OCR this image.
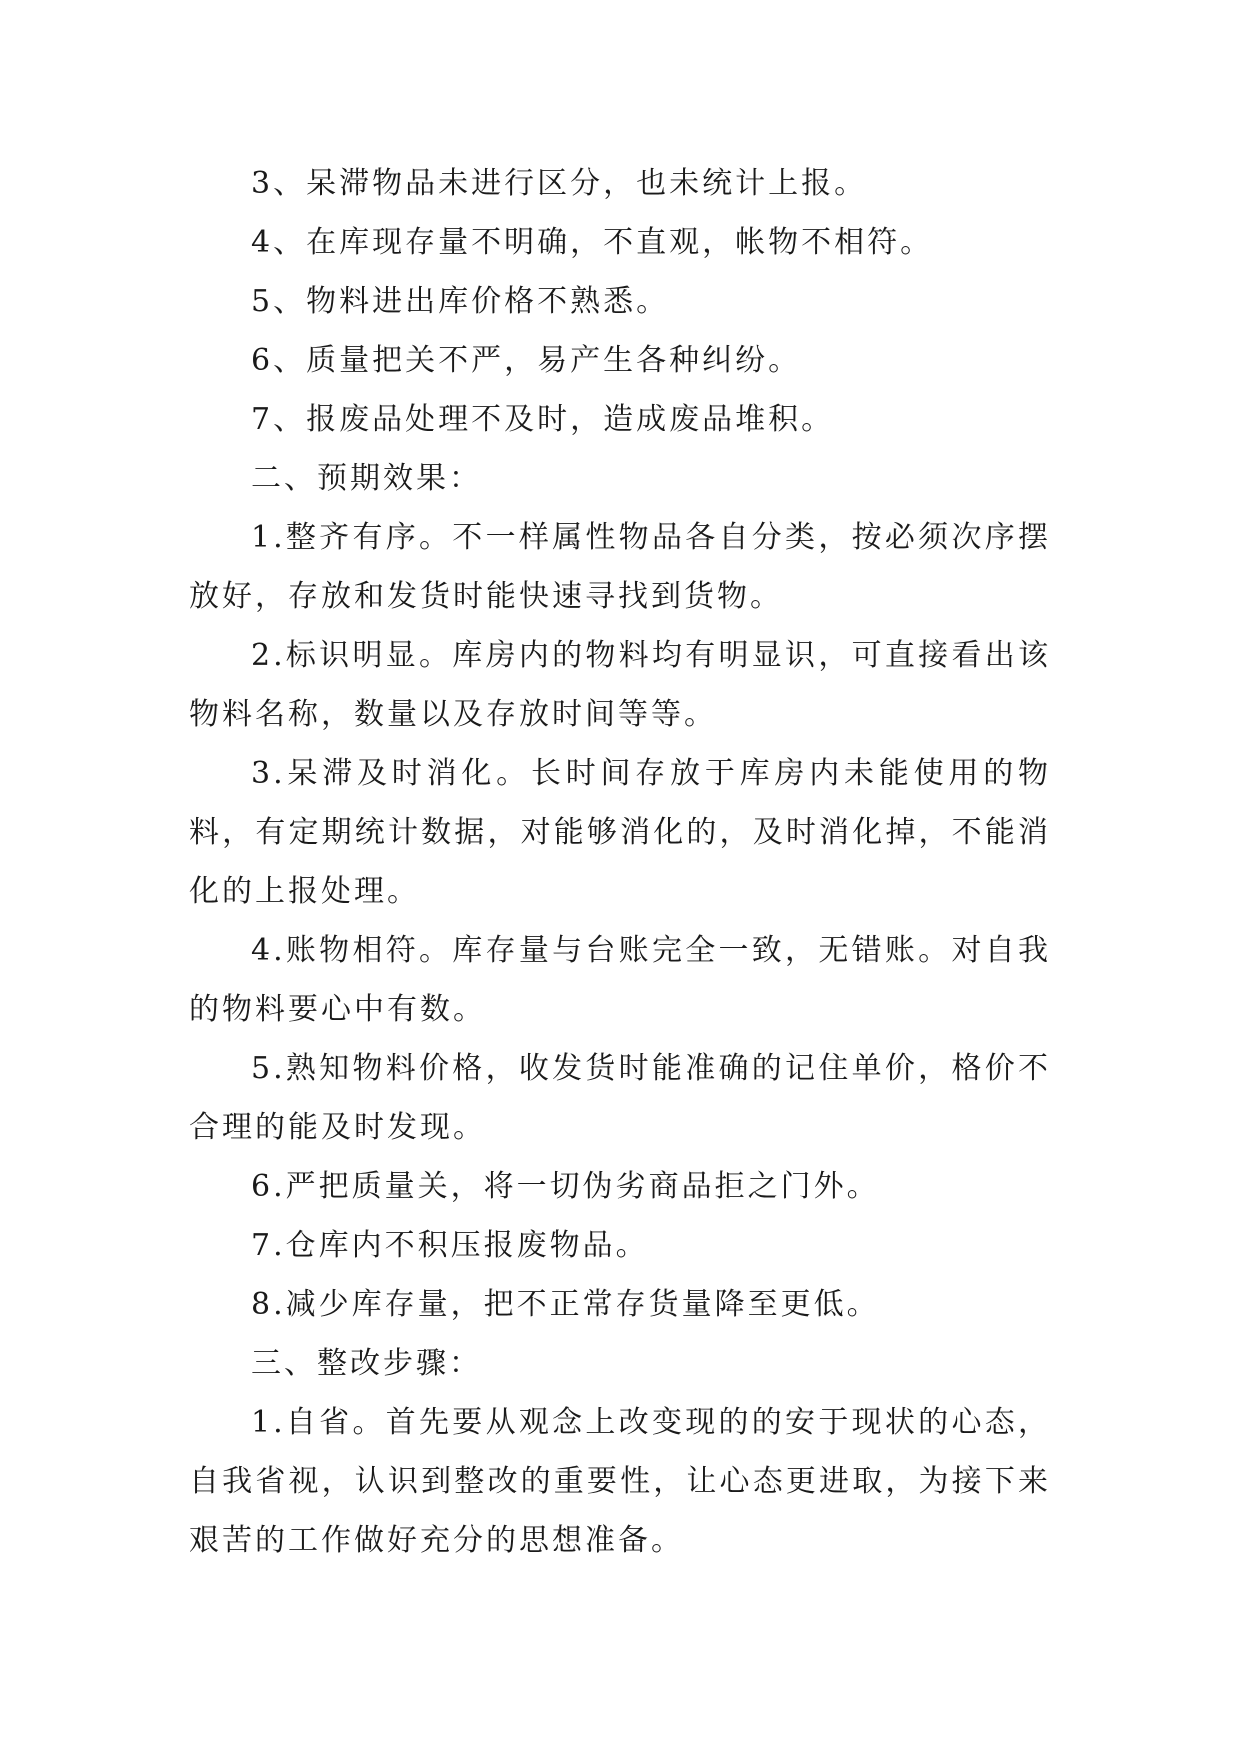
3、呆滞物品未进行区分，也未统计上报。

4、在库现存量不明确，不直观，帐物不相符。

5、物料进出库价格不熟悉。

6、质量把关不严，易产生各种纠纷。

7、报废品处理不及时，造成废品堆积。

二、预期效果：

1.整齐有序。不一样属性物品各自分类，按必须次序摆放好，存放和发货时能快速寻找到货物。

2.标识明显。库房内的物料均有明显识，可直接看出该物料名称，数量以及存放时间等等。

3.呆滞及时消化。长时间存放于库房内未能使用的物料，有定期统计数据，对能够消化的，及时消化掉，不能消化的上报处理。

4.账物相符。库存量与台账完全一致，无错账。对自我的物料要心中有数。

5.熟知物料价格，收发货时能准确的记住单价，格价不合理的能及时发现。

6.严把质量关，将一切伪劣商品拒之门外。

7.仓库内不积压报废物品。

8.减少库存量，把不正常存货量降至更低。

三、整改步骤：

1.自省。首先要从观念上改变现的的安于现状的心态，自我省视，认识到整改的重要性，让心态更进取，为接下来艰苦的工作做好充分的思想准备。
